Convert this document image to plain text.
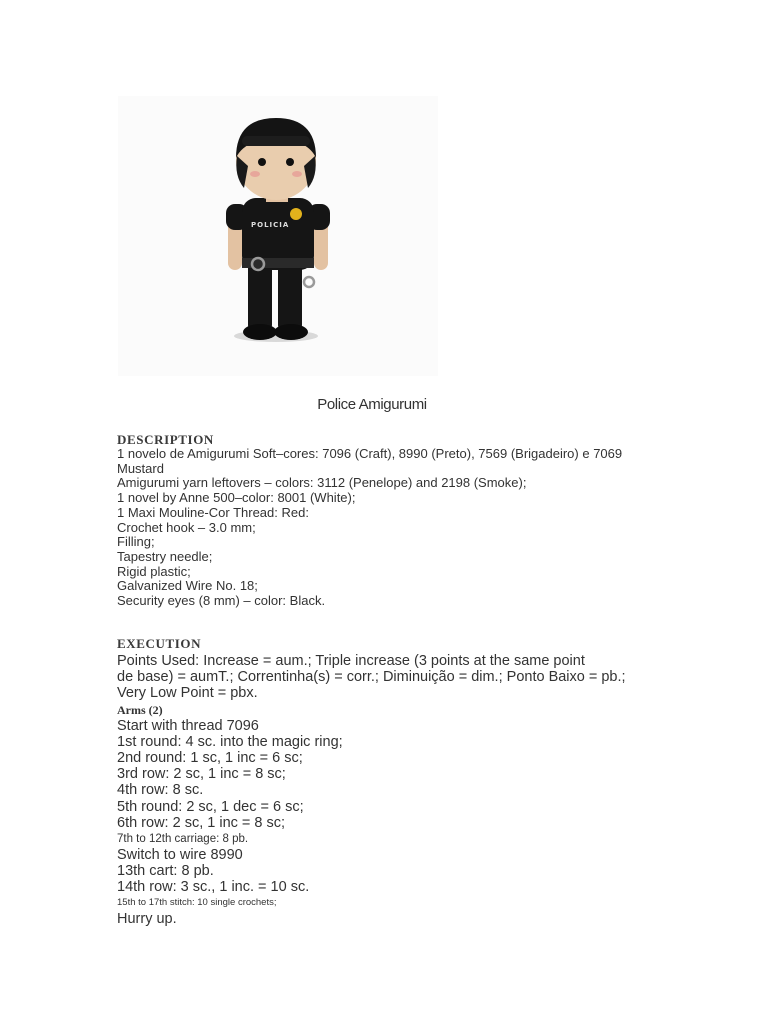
POLICIA
Police Amigurumi
DESCRIPTION
1 novelo de Amigurumi Soft–cores: 7096 (Craft), 8990 (Preto), 7569 (Brigadeiro) e 7069
Mustard
Amigurumi yarn leftovers – colors: 3112 (Penelope) and 2198 (Smoke);
1 novel by Anne 500–color: 8001 (White);
1 Maxi Mouline-Cor Thread: Red:
Crochet hook – 3.0 mm;
Filling;
Tapestry needle;
Rigid plastic;
Galvanized Wire No. 18;
Security eyes (8 mm) – color: Black.
EXECUTION
Points Used: Increase = aum.; Triple increase (3 points at the same point
de base) = aumT.; Correntinha(s) = corr.; Diminuição = dim.; Ponto Baixo = pb.;
Very Low Point = pbx.
Arms (2)
Start with thread 7096
1st round: 4 sc. into the magic ring;
2nd round: 1 sc, 1 inc = 6 sc;
3rd row: 2 sc, 1 inc = 8 sc;
4th row: 8 sc.
5th round: 2 sc, 1 dec = 6 sc;
6th row: 2 sc, 1 inc = 8 sc;
7th to 12th carriage: 8 pb.
Switch to wire 8990
13th cart: 8 pb.
14th row: 3 sc., 1 inc. = 10 sc.
15th to 17th stitch: 10 single crochets;
Hurry up.
